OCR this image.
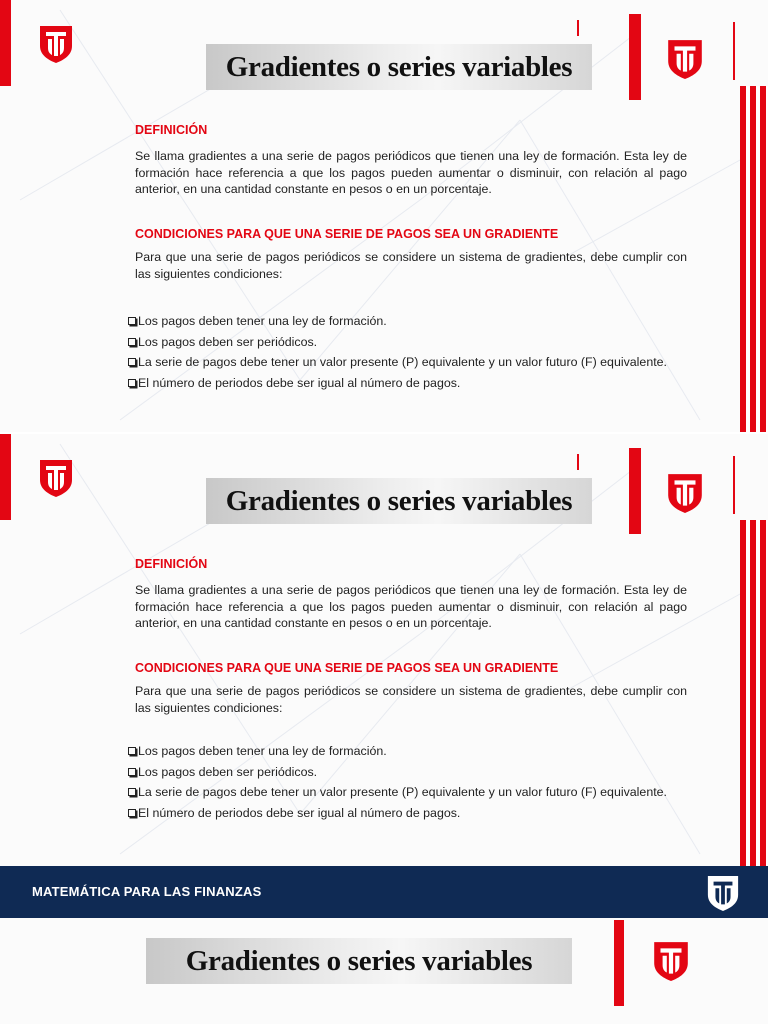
Gradientes o series variables
DEFINICIÓN

Se llama gradientes a una serie de pagos periódicos que tienen una ley de formación. Esta ley de formación hace referencia a que los pagos pueden aumentar o disminuir, con relación al pago anterior, en una cantidad constante en pesos o en un porcentaje.

CONDICIONES PARA QUE UNA SERIE DE PAGOS SEA UN GRADIENTE

Para que una serie de pagos periódicos se considere un sistema de gradientes, debe cumplir con las siguientes condiciones:

Los pagos deben tener una ley de formación.
Los pagos deben ser periódicos.
La serie de pagos debe tener un valor presente (P) equivalente y un valor futuro (F) equivalente.
El número de periodos debe ser igual al número de pagos.
Gradientes o series variables
DEFINICIÓN

Se llama gradientes a una serie de pagos periódicos que tienen una ley de formación. Esta ley de formación hace referencia a que los pagos pueden aumentar o disminuir, con relación al pago anterior, en una cantidad constante en pesos o en un porcentaje.

CONDICIONES PARA QUE UNA SERIE DE PAGOS SEA UN GRADIENTE

Para que una serie de pagos periódicos se considere un sistema de gradientes, debe cumplir con las siguientes condiciones:

Los pagos deben tener una ley de formación.
Los pagos deben ser periódicos.
La serie de pagos debe tener un valor presente (P) equivalente y un valor futuro (F) equivalente.
El número de periodos debe ser igual al número de pagos.
MATEMÁTICA PARA LAS FINANZAS
Gradientes o series variables
